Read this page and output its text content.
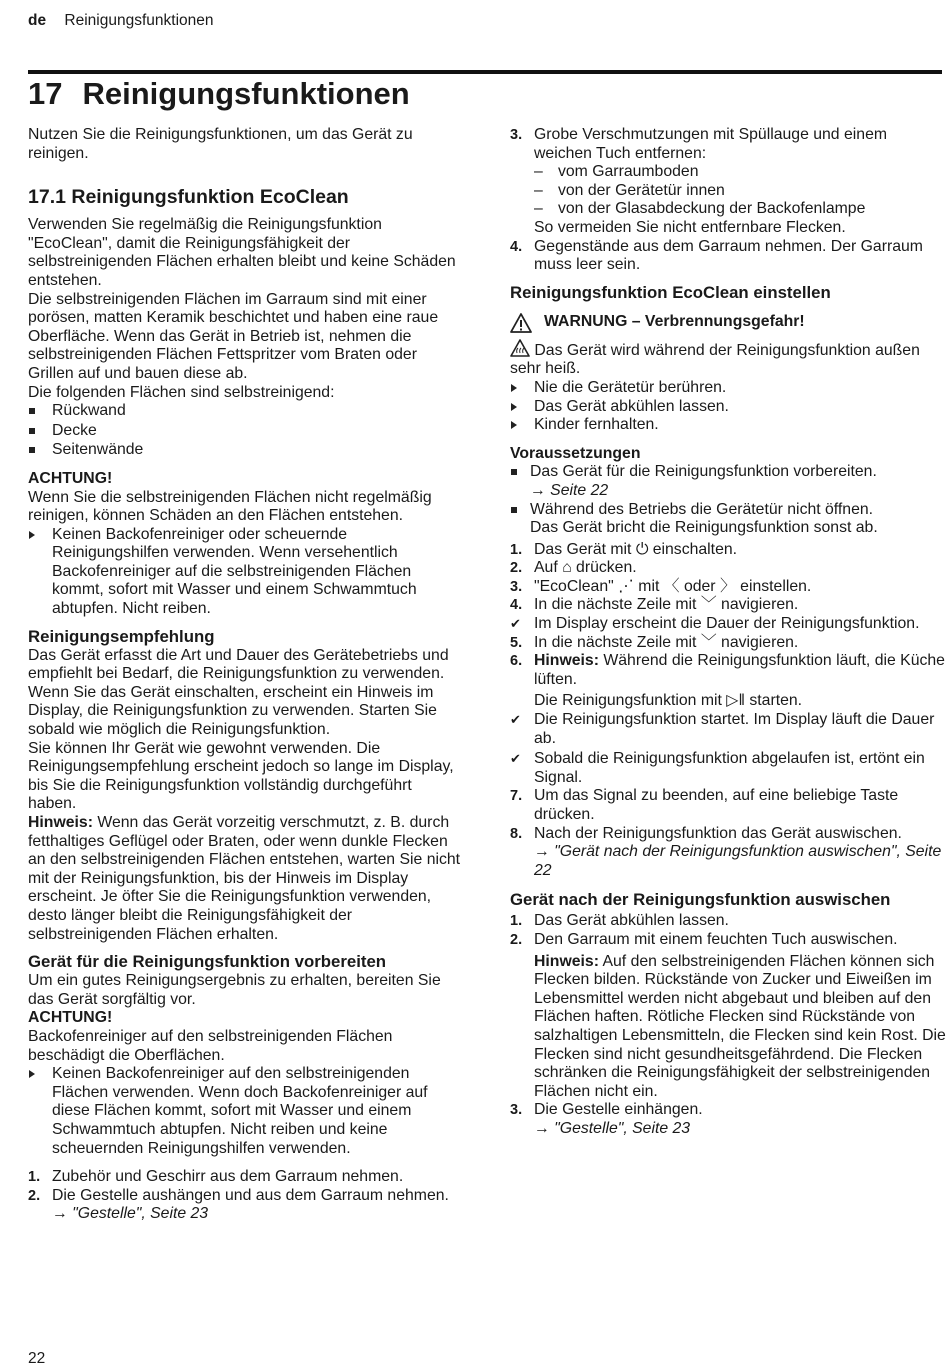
de Reinigungsfunktionen
17 Reinigungsfunktionen

Nutzen Sie die Reinigungsfunktionen, um das Gerät zu reinigen.

17.1 Reinigungsfunktion EcoClean

Verwenden Sie regelmäßig die Reinigungsfunktion "EcoClean", damit die Reinigungsfähigkeit der selbstreinigenden Flächen erhalten bleibt und keine Schäden entstehen.

Die selbstreinigenden Flächen im Garraum sind mit einer porösen, matten Keramik beschichtet und haben eine raue Oberfläche. Wenn das Gerät in Betrieb ist, nehmen die selbstreinigenden Flächen Fettspritzer vom Braten oder Grillen auf und bauen diese ab.

Die folgenden Flächen sind selbstreinigend:

Rückwand
Decke
Seitenwände

ACHTUNG!

Wenn Sie die selbstreinigenden Flächen nicht regelmäßig reinigen, können Schäden an den Flächen entstehen.

Keinen Backofenreiniger oder scheuernde Reinigungshilfen verwenden. Wenn versehentlich Backofenreiniger auf die selbstreinigenden Flächen kommt, sofort mit Wasser und einem Schwammtuch abtupfen. Nicht reiben.
Reinigungsempfehlung

Das Gerät erfasst die Art und Dauer des Gerätebetriebs und empfiehlt bei Bedarf, die Reinigungsfunktion zu verwenden.

Wenn Sie das Gerät einschalten, erscheint ein Hinweis im Display, die Reinigungsfunktion zu verwenden. Starten Sie sobald wie möglich die Reinigungsfunktion.

Sie können Ihr Gerät wie gewohnt verwenden. Die Reinigungsempfehlung erscheint jedoch so lange im Display, bis Sie die Reinigungsfunktion vollständig durchgeführt haben.

Hinweis: Wenn das Gerät vorzeitig verschmutzt, z. B. durch fetthaltiges Geflügel oder Braten, oder wenn dunkle Flecken an den selbstreinigenden Flächen entstehen, warten Sie nicht mit der Reinigungsfunktion, bis der Hinweis im Display erscheint. Je öfter Sie die Reinigungsfunktion verwenden, desto länger bleibt die Reinigungsfähigkeit der selbstreinigenden Flächen erhalten.

Gerät für die Reinigungsfunktion vorbereiten

Um ein gutes Reinigungsergebnis zu erhalten, bereiten Sie das Gerät sorgfältig vor.

ACHTUNG!

Backofenreiniger auf den selbstreinigenden Flächen beschädigt die Oberflächen.

Keinen Backofenreiniger auf den selbstreinigenden Flächen verwenden. Wenn doch Backofenreiniger auf diese Flächen kommt, sofort mit Wasser und einem Schwammtuch abtupfen. Nicht reiben und keine scheuernden Reinigungshilfen verwenden.
1. Zubehör und Geschirr aus dem Garraum nehmen.
2. Die Gestelle aushängen und aus dem Garraum nehmen.
→ "Gestelle", Seite 23
3. Grobe Verschmutzungen mit Spüllauge und einem weichen Tuch entfernen:
– vom Garraumboden
– von der Gerätetür innen
– von der Glasabdeckung der Backofenlampe

So vermeiden Sie nicht entfernbare Flecken.

4. Gegenstände aus dem Garraum nehmen. Der Garraum muss leer sein.
Reinigungsfunktion EcoClean einstellen

WARNUNG – Verbrennungsgefahr!

Das Gerät wird während der Reinigungsfunktion außen sehr heiß.

Nie die Gerätetür berühren.
Das Gerät abkühlen lassen.
Kinder fernhalten.

Voraussetzungen

Das Gerät für die Reinigungsfunktion vorbereiten.
→ Seite 22
Während des Betriebs die Gerätetür nicht öffnen.
Das Gerät bricht die Reinigungsfunktion sonst ab.
1. Das Gerät mit ⏻ einschalten.
2. Auf ⌂ drücken.
3. "EcoClean" ⋰ mit 〈 oder 〉 einstellen.
4. In die nächste Zeile mit ﹀ navigieren.
✔ Im Display erscheint die Dauer der Reinigungsfunktion.
5. In die nächste Zeile mit ﹀ navigieren.
6. Hinweis: Während die Reinigungsfunktion läuft, die Küche lüften.

Die Reinigungsfunktion mit ▷ǁ starten.

✔ Die Reinigungsfunktion startet. Im Display läuft die Dauer ab.
✔ Sobald die Reinigungsfunktion abgelaufen ist, ertönt ein Signal.
7. Um das Signal zu beenden, auf eine beliebige Taste drücken.
8. Nach der Reinigungsfunktion das Gerät auswischen.
→ "Gerät nach der Reinigungsfunktion auswischen", Seite 22
Gerät nach der Reinigungsfunktion auswischen
1. Das Gerät abkühlen lassen.
2. Den Garraum mit einem feuchten Tuch auswischen.

Hinweis: Auf den selbstreinigenden Flächen können sich Flecken bilden. Rückstände von Zucker und Eiweißen im Lebensmittel werden nicht abgebaut und bleiben auf den Flächen haften. Rötliche Flecken sind Rückstände von salzhaltigen Lebensmitteln, die Flecken sind kein Rost. Die Flecken sind nicht gesundheitsgefährdend. Die Flecken schränken die Reinigungsfähigkeit der selbstreinigenden Flächen nicht ein.

3. Die Gestelle einhängen.
→ "Gestelle", Seite 23
22
